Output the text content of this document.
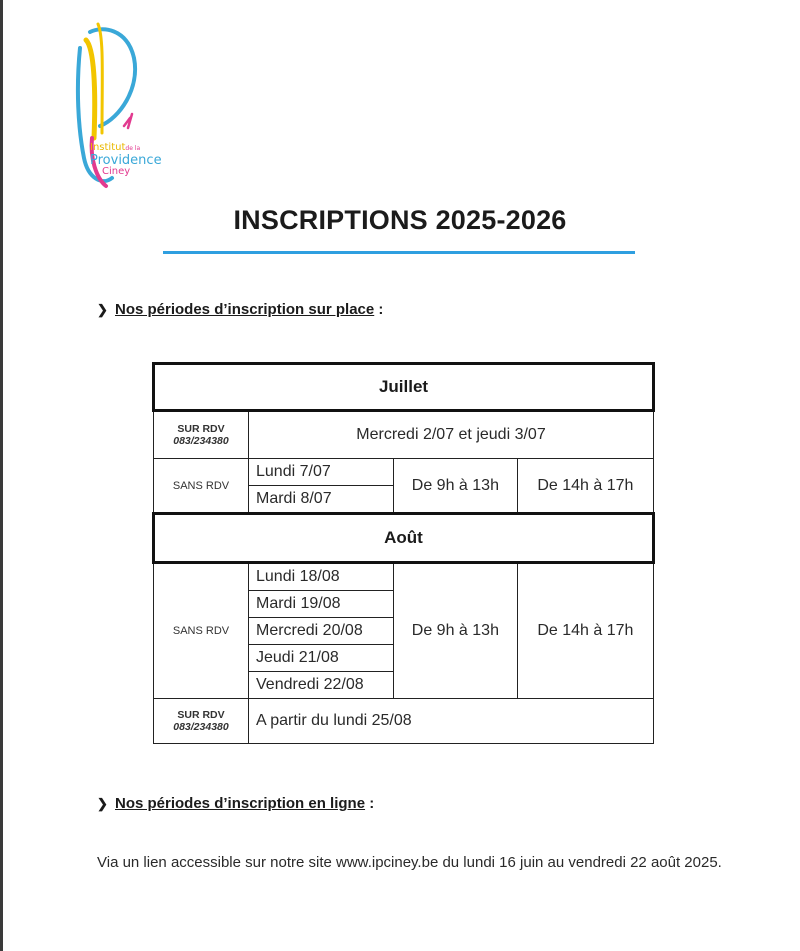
Institutde la
Providence
Ciney
INSCRIPTIONS 2025-2026
❯ Nos périodes d’inscription sur place :
Juillet			

SUR RDV
083/234380	Mercredi 2/07 et jeudi 3/07		
SANS RDV	Lundi 7/07	De 9h à 13h	De 14h à 17h
	Mardi 8/07		
Août			
SANS RDV	Lundi 18/08	De 9h à 13h	De 14h à 17h
	Mardi 19/08		
	Mercredi 20/08		
	Jeudi 21/08		
	Vendredi 22/08		

SUR RDV
083/234380	A partir du lundi 25/08		
❯ Nos périodes d’inscription en ligne :
Via un lien accessible sur notre site www.ipciney.be du lundi 16 juin au vendredi 22 août 2025.
